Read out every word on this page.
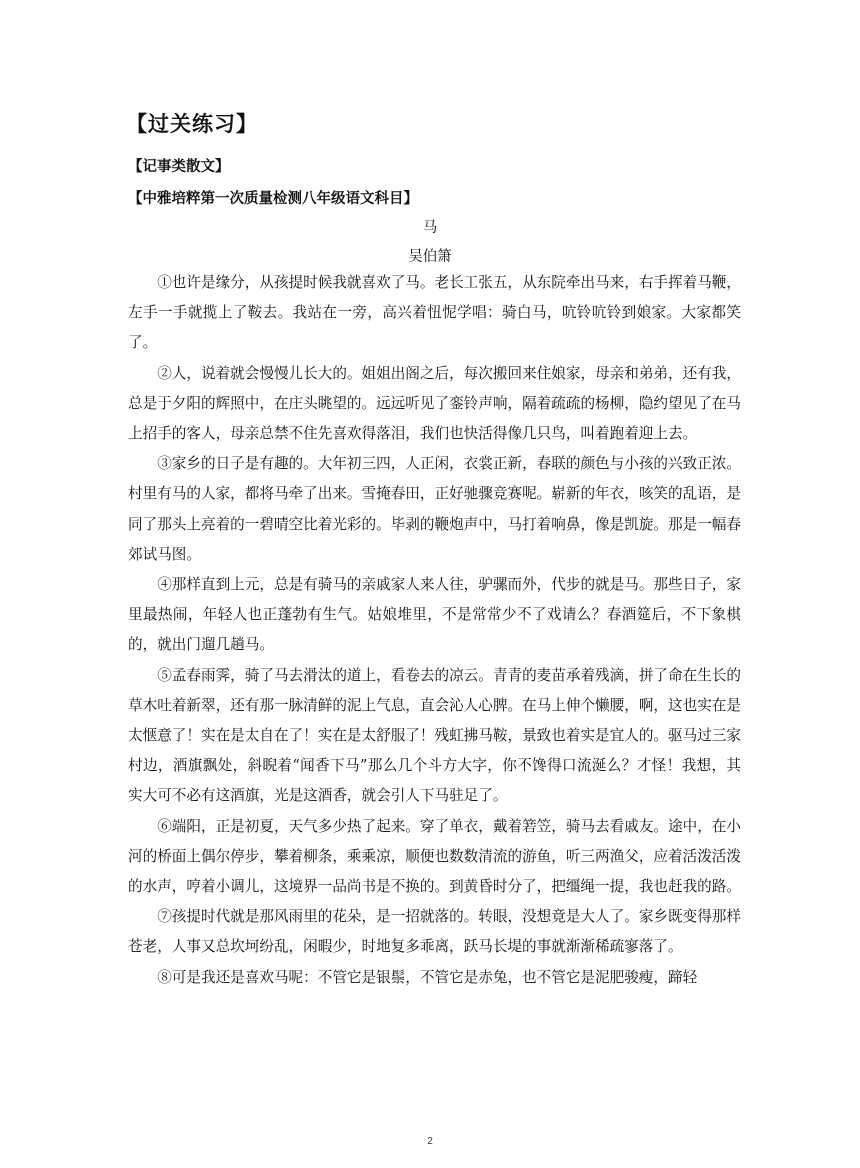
【过关练习】
【记事类散文】
【中雅培粹第一次质量检测八年级语文科目】
马
吴伯箫

①也许是缘分，从孩提时候我就喜欢了马。老长工张五，从东院牵出马来，右手挥着马鞭，左手一手就揽上了鞍去。我站在一旁，高兴着忸怩学唱：骑白马，吭铃吭铃到娘家。大家都笑了。

②人，说着就会慢慢儿长大的。姐姐出阁之后，每次搬回来住娘家，母亲和弟弟，还有我，总是于夕阳的辉照中，在庄头眺望的。远远听见了銮铃声响，隔着疏疏的杨柳，隐约望见了在马上招手的客人，母亲总禁不住先喜欢得落泪，我们也快活得像几只鸟，叫着跑着迎上去。

③家乡的日子是有趣的。大年初三四，人正闲，衣裳正新，春联的颜色与小孩的兴致正浓。村里有马的人家，都将马牵了出来。雪掩春田，正好驰骤竞赛呢。崭新的年衣，咳笑的乱语，是同了那头上亮着的一碧晴空比着光彩的。毕剥的鞭炮声中，马打着响鼻，像是凯旋。那是一幅春郊试马图。

④那样直到上元，总是有骑马的亲戚家人来人往，驴骡而外，代步的就是马。那些日子，家里最热闹，年轻人也正蓬勃有生气。姑娘堆里，不是常常少不了戏请么？春酒筵后，不下象棋的，就出门遛几趟马。

⑤孟春雨霁，骑了马去滑汰的道上，看卷去的凉云。青青的麦苗承着残滴，拼了命在生长的草木吐着新翠，还有那一脉清鲜的泥上气息，直会沁人心脾。在马上伸个懒腰，啊，这也实在是太惬意了！实在是太自在了！实在是太舒服了！残虹拂马鞍，景致也着实是宜人的。驱马过三家村边，酒旗飘处，斜睨着“闻香下马”那么几个斗方大字，你不馋得口流涎么？才怪！我想，其实大可不必有这酒旗，光是这酒香，就会引人下马驻足了。

⑥端阳，正是初夏，天气多少热了起来。穿了单衣，戴着箬笠，骑马去看戚友。途中，在小河的桥面上偶尔停步，攀着柳条，乘乘凉，顺便也数数清流的游鱼，听三两渔父，应着活泼活泼的水声，哼着小调儿，这境界一品尚书是不换的。到黄昏时分了，把缰绳一提，我也赶我的路。

⑦孩提时代就是那风雨里的花朵，是一招就落的。转眼，没想竟是大人了。家乡既变得那样苍老，人事又总坎坷纷乱，闲暇少，时地复多乖离，跃马长堤的事就渐渐稀疏寥落了。

⑧可是我还是喜欢马呢：不管它是银鬃，不管它是赤兔，也不管它是泥肥骏瘦，蹄轻

2
